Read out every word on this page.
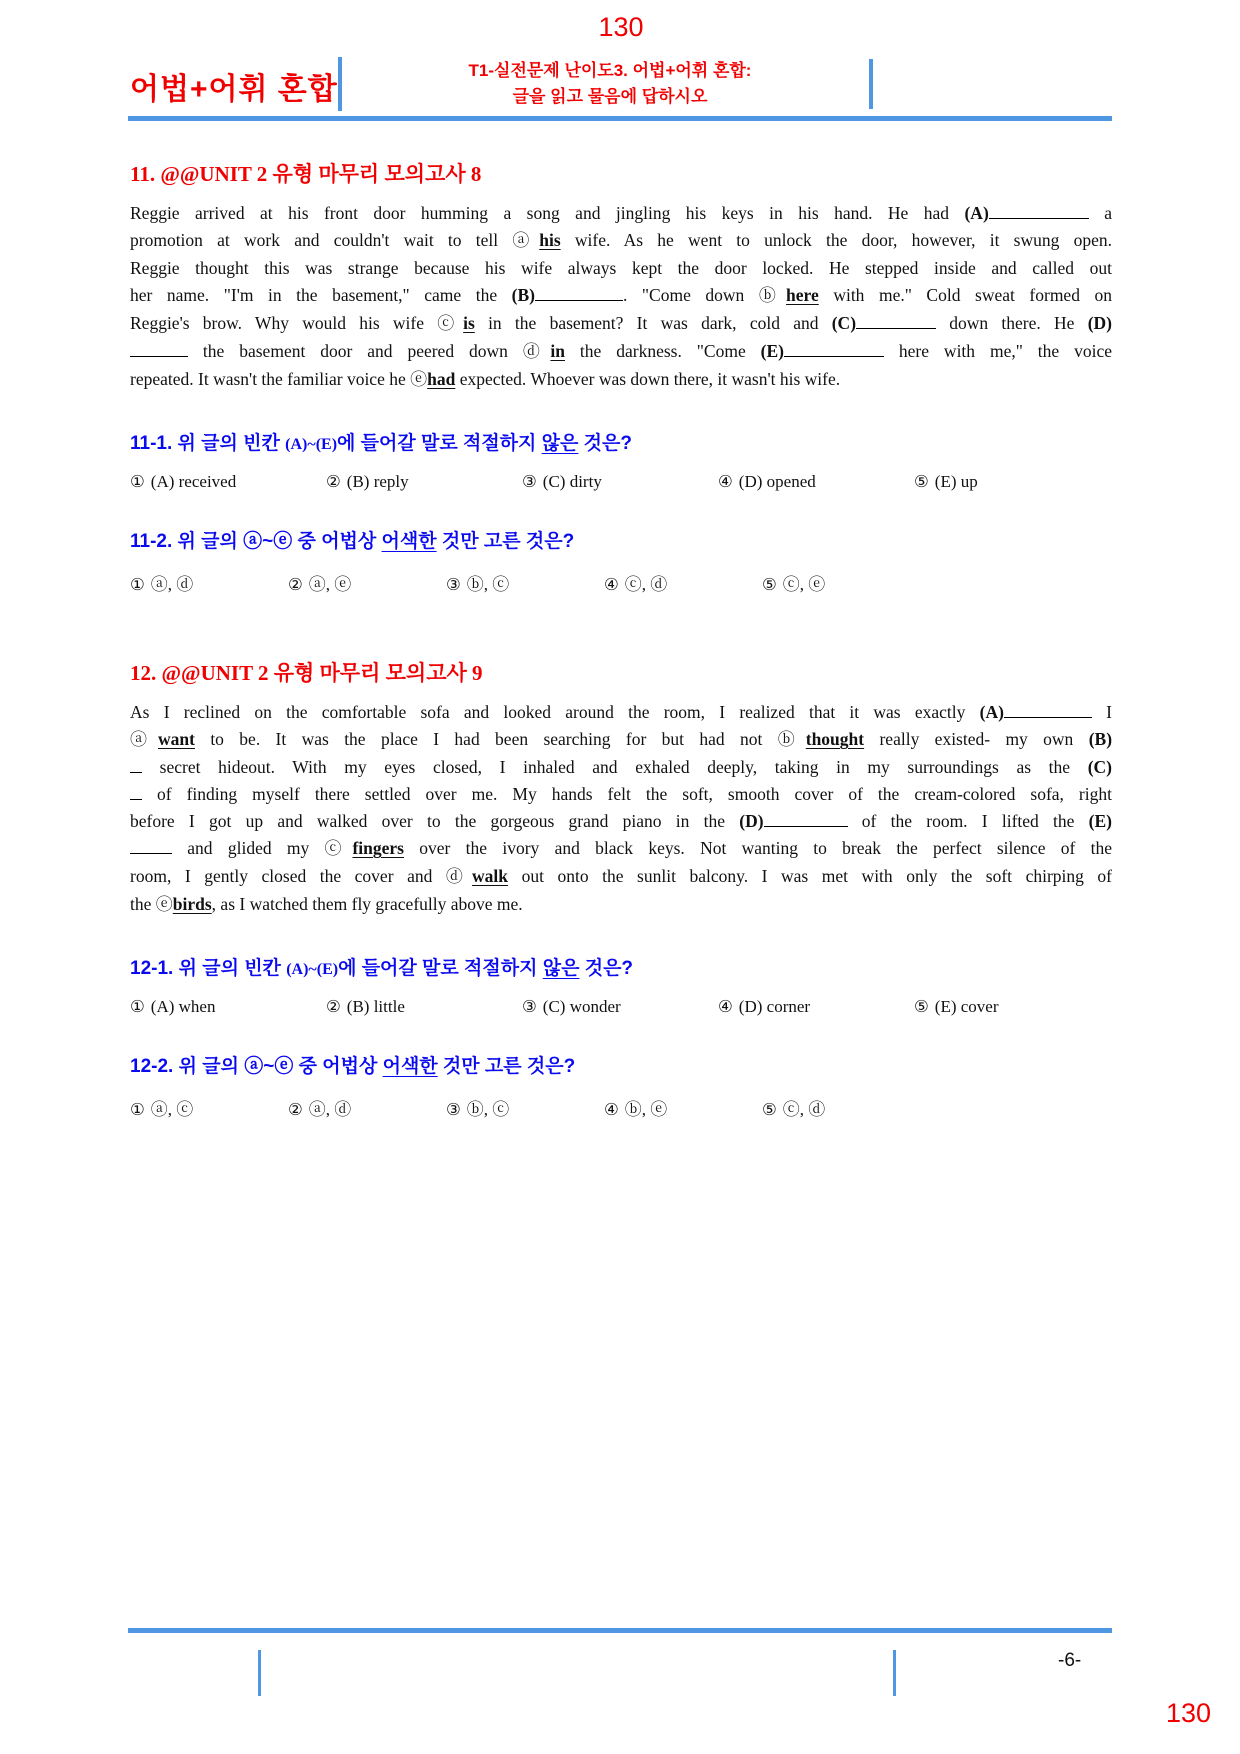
130
어법+어휘 혼합
T1-실전문제 난이도3. 어법+어휘 혼합:
글을 읽고 물음에 답하시오
11. @@UNIT 2 유형 마무리 모의고사 8
Reggie arrived at his front door humming a song and jingling his keys in his hand. He had (A)	a
promotion at work and couldn't wait to tell ⓐhis wife. As he went to unlock the door, however, it swung open.
Reggie thought this was strange because his wife always kept the door locked. He stepped inside and called out
her name. "I'm in the basement," came the (B)	. "Come down ⓑhere with me." Cold sweat formed on
Reggie's brow. Why would his wife ⓒis in the basement? It was dark, cold and (C)	down there. He (D)
the basement door and peered down ⓓin the darkness. "Come (E)	here with me," the voice
repeated. It wasn't the familiar voice he ⓔhad expected. Whoever was down there, it wasn't his wife.
11-1. 위 글의 빈칸 (A)~(E)에 들어갈 말로 적절하지 않은 것은?
① (A) received	② (B) reply	③ (C) dirty	④ (D) opened	⑤ (E) up
11-2. 위 글의 ⓐ~ⓔ 중 어법상 어색한 것만 고른 것은?
① ⓐ, ⓓ	② ⓐ, ⓔ	③ ⓑ, ⓒ	④ ⓒ, ⓓ	⑤ ⓒ, ⓔ
12. @@UNIT 2 유형 마무리 모의고사 9
As I reclined on the comfortable sofa and looked around the room, I realized that it was exactly (A)	I
ⓐwant to be. It was the place I had been searching for but had not ⓑthought really existed- my own (B)
secret hideout. With my eyes closed, I inhaled and exhaled deeply, taking in my surroundings as the (C)
of finding myself there settled over me. My hands felt the soft, smooth cover of the cream-colored sofa, right
before I got up and walked over to the gorgeous grand piano in the (D)	of the room. I lifted the (E)
and glided my ⓒfingers over the ivory and black keys. Not wanting to break the perfect silence of the
room, I gently closed the cover and ⓓwalk out onto the sunlit balcony. I was met with only the soft chirping of
the ⓔbirds, as I watched them fly gracefully above me.
12-1. 위 글의 빈칸 (A)~(E)에 들어갈 말로 적절하지 않은 것은?
① (A) when	② (B) little	③ (C) wonder	④ (D) corner	⑤ (E) cover
12-2. 위 글의 ⓐ~ⓔ 중 어법상 어색한 것만 고른 것은?
① ⓐ, ⓒ	② ⓐ, ⓓ	③ ⓑ, ⓒ	④ ⓑ, ⓔ	⑤ ⓒ, ⓓ
-6-
130
